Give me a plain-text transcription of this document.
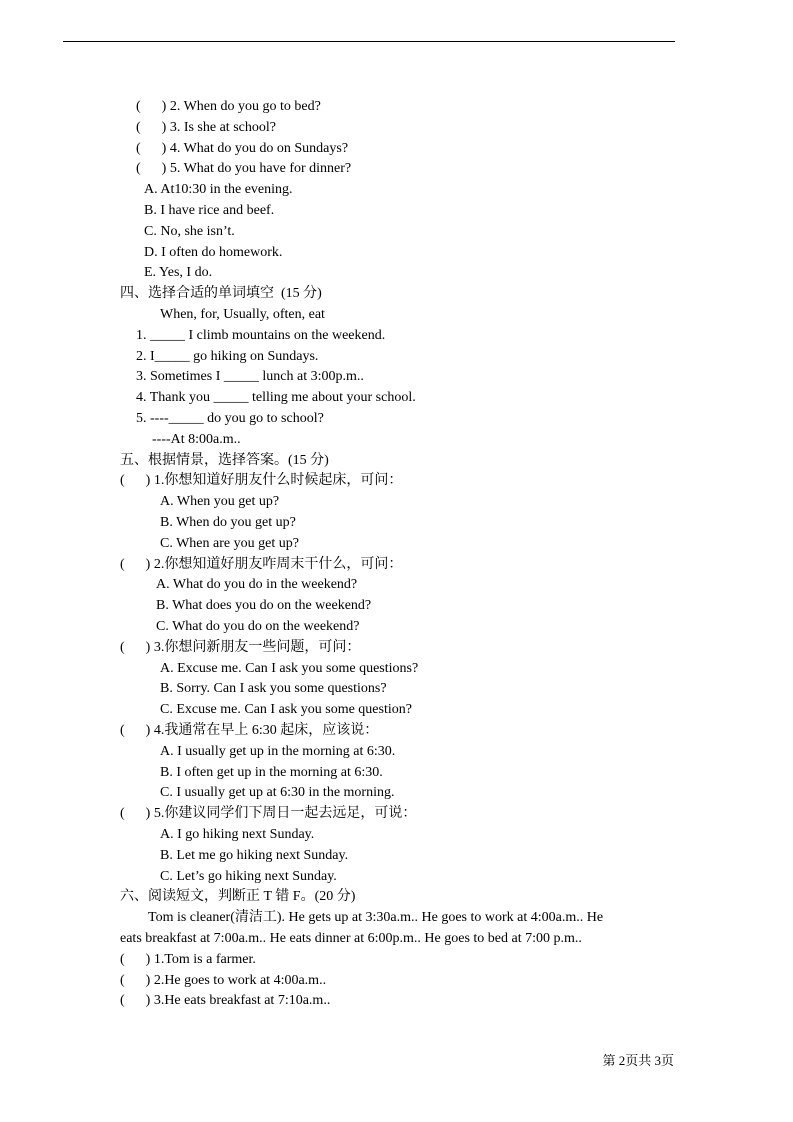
(      ) 2. When do you go to bed?
(      ) 3. Is she at school?
(      ) 4. What do you do on Sundays?
(      ) 5. What do you have for dinner?
A. At10:30 in the evening.
B. I have rice and beef.
C. No, she isn’t.
D. I often do homework.
E. Yes, I do.
四、选择合适的单词填空  (15 分)
When, for, Usually, often, eat
1. _____ I climb mountains on the weekend.
2. I_____ go hiking on Sundays.
3. Sometimes I _____ lunch at 3:00p.m..
4. Thank you _____ telling me about your school.
5. ----_____ do you go to school?
----At 8:00a.m..
五、根据情景，选择答案。(15 分)
(      ) 1.你想知道好朋友什么时候起床，可问：
A. When you get up?
B. When do you get up?
C. When are you get up?
(      ) 2.你想知道好朋友咋周末干什么，可问：
A. What do you do in the weekend?
B. What does you do on the weekend?
C. What do you do on the weekend?
(      ) 3.你想问新朋友一些问题，可问：
A. Excuse me. Can I ask you some questions?
B. Sorry. Can I ask you some questions?
C. Excuse me. Can I ask you some question?
(      ) 4.我通常在早上 6:30 起床，应该说：
A. I usually get up in the morning at 6:30.
B. I often get up in the morning at 6:30.
C. I usually get up at 6:30 in the morning.
(      ) 5.你建议同学们下周日一起去远足，可说：
A. I go hiking next Sunday.
B. Let me go hiking next Sunday.
C. Let’s go hiking next Sunday.
六、阅读短文，判断正 T 错 F。(20 分)
Tom is cleaner(清洁工). He gets up at 3:30a.m.. He goes to work at 4:00a.m.. He
eats breakfast at 7:00a.m.. He eats dinner at 6:00p.m.. He goes to bed at 7:00 p.m..
(      ) 1.Tom is a farmer.
(      ) 2.He goes to work at 4:00a.m..
(      ) 3.He eats breakfast at 7:10a.m..
第 2页共 3页
